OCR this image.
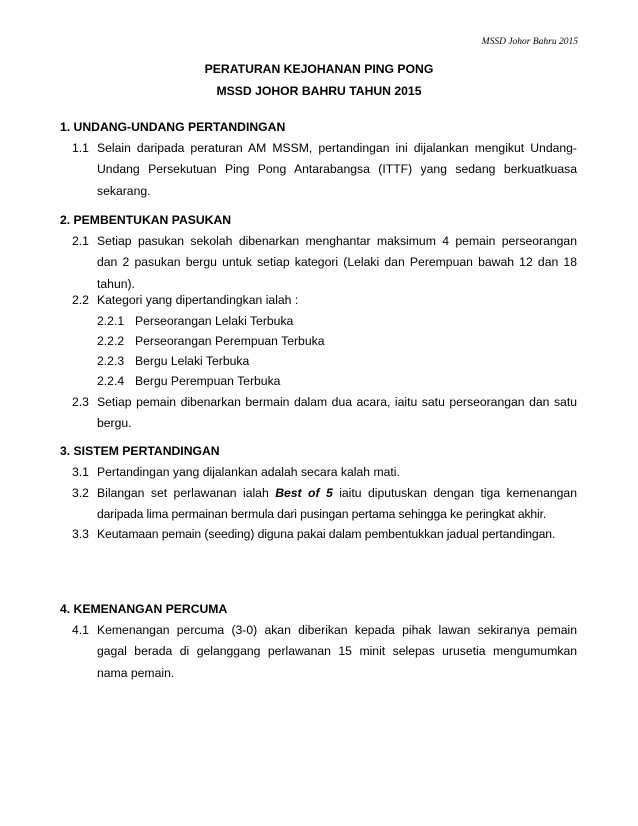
MSSD Johor Bahru 2015
PERATURAN KEJOHANAN PING PONG
MSSD JOHOR BAHRU TAHUN 2015
1. UNDANG-UNDANG PERTANDINGAN
1.1 Selain daripada peraturan AM MSSM, pertandingan ini dijalankan mengikut Undang-
Undang Persekutuan Ping Pong Antarabangsa (ITTF) yang sedang berkuatkuasa
sekarang.
2. PEMBENTUKAN PASUKAN
2.1 Setiap pasukan sekolah dibenarkan menghantar maksimum 4 pemain perseorangan
dan 2 pasukan bergu untuk setiap kategori (Lelaki dan Perempuan bawah 12 dan 18
tahun).
2.2 Kategori yang dipertandingkan ialah :
2.2.1 Perseorangan Lelaki Terbuka
2.2.2 Perseorangan Perempuan Terbuka
2.2.3 Bergu Lelaki Terbuka
2.2.4 Bergu Perempuan Terbuka
2.3 Setiap pemain dibenarkan bermain dalam dua acara, iaitu satu perseorangan dan satu
bergu.
3. SISTEM PERTANDINGAN
3.1 Pertandingan yang dijalankan adalah secara kalah mati.
3.2 Bilangan set perlawanan ialah Best of 5 iaitu diputuskan dengan tiga kemenangan
daripada lima permainan bermula dari pusingan pertama sehingga ke peringkat akhir.
3.3 Keutamaan pemain (seeding) diguna pakai dalam pembentukkan jadual pertandingan.
4. KEMENANGAN PERCUMA
4.1 Kemenangan percuma (3-0) akan diberikan kepada pihak lawan sekiranya pemain
gagal berada di gelanggang perlawanan 15 minit selepas urusetia mengumumkan
nama pemain.
